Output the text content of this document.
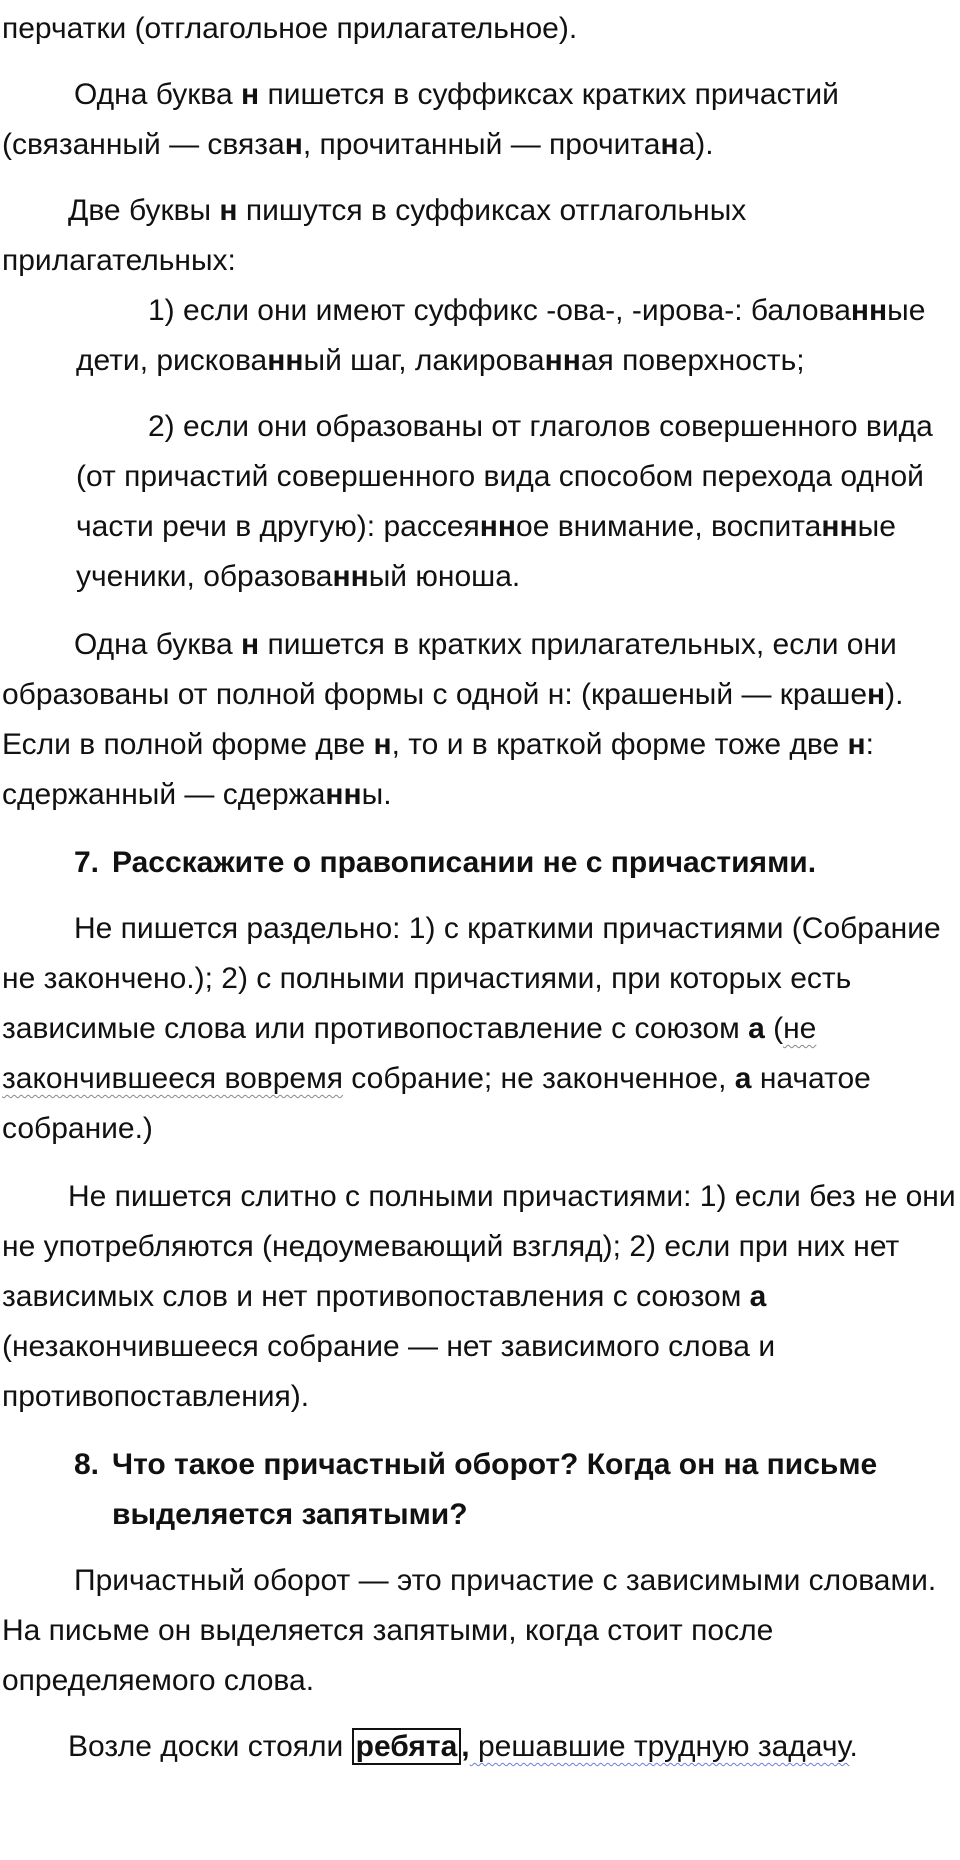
перчатки (отглагольное прилагательное).

Одна буква н пишется в суффиксах кратких причастий (связанный — связан, прочитанный — прочитана).

Две буквы н пишутся в суффиксах отглагольных прилагательных:

1) если они имеют суффикс -ова-, -ирова-: балованные дети, рискованный шаг, лакированная поверхность;

2) если они образованы от глаголов совершенного вида (от причастий совершенного вида способом перехода одной части речи в другую): рассеянное внимание, воспитанные ученики, образованный юноша.

Одна буква н пишется в кратких прилагательных, если они образованы от полной формы с одной н: (крашеный — крашен). Если в полной форме две н, то и в краткой форме тоже две н: сдержанный — сдержанны.

7. Расскажите о правописании не с причастиями.

Не пишется раздельно: 1) с краткими причастиями (Собрание не закончено.); 2) с полными причастиями, при которых есть зависимые слова или противопоставление с союзом а (не закончившееся вовремя собрание; не законченное, а начатое собрание.)

Не пишется слитно с полными причастиями: 1) если без не они не употребляются (недоумевающий взгляд); 2) если при них нет зависимых слов и нет противопоставления с союзом а (незакончившееся собрание — нет зависимого слова и противопоставления).

8. Что такое причастный оборот? Когда он на письме
выделяется запятыми?

Причастный оборот — это причастие с зависимыми словами. На письме он выделяется запятыми, когда стоит после определяемого слова.

Возле доски стояли ребята , решавшие трудную задачу.
